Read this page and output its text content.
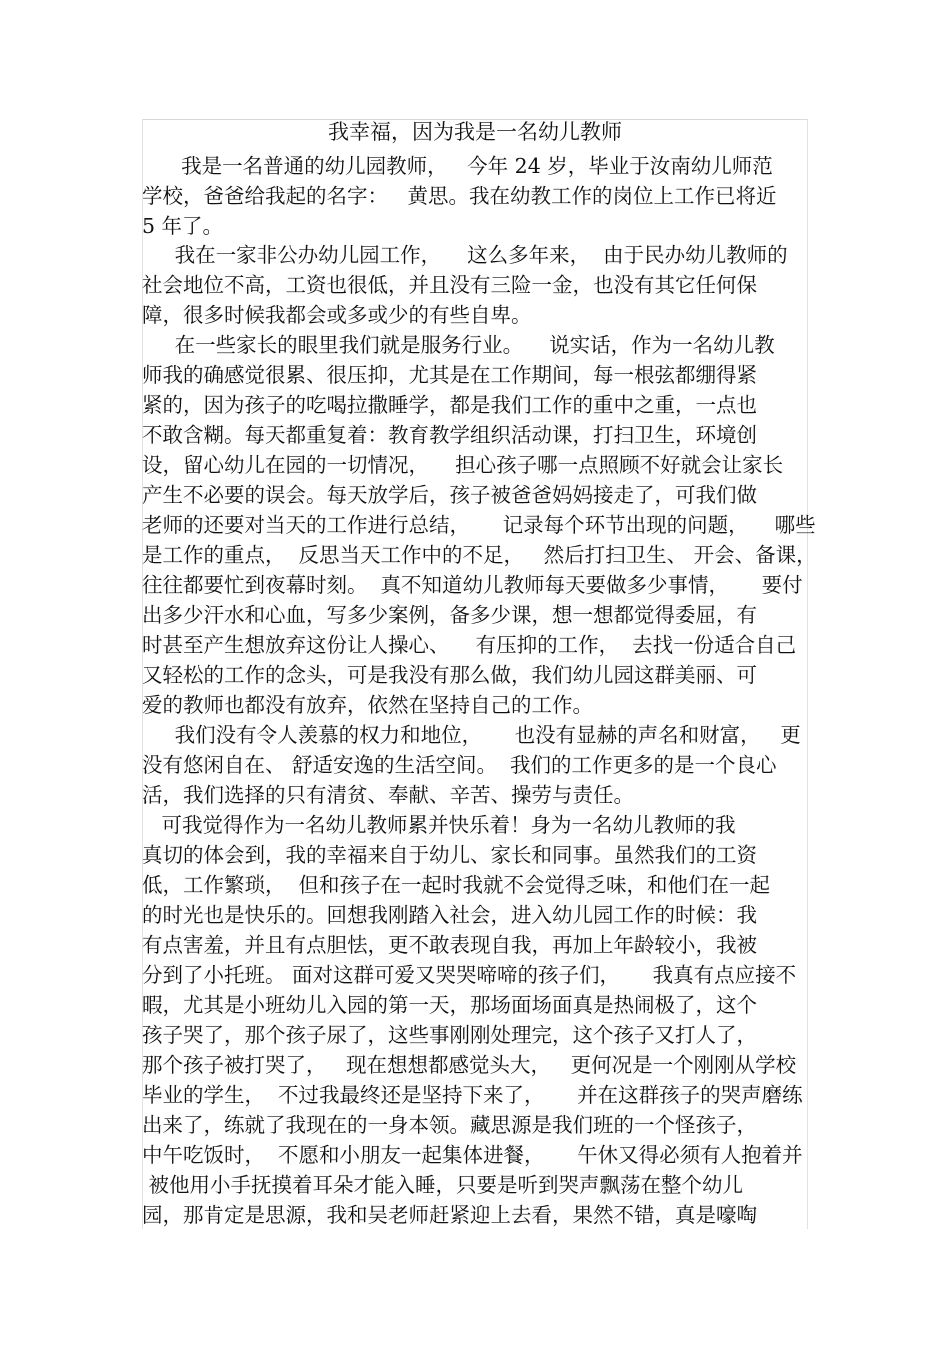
我幸福，因为我是一名幼儿教师
我是一名普通的幼儿园教师，   今年 24 岁，毕业于汝南幼儿师范
学校，爸爸给我起的名字：   黄思。我在幼教工作的岗位上工作已将近
5 年了。
我在一家非公办幼儿园工作，    这么多年来，  由于民办幼儿教师的
社会地位不高，工资也很低，并且没有三险一金，也没有其它任何保
障，很多时候我都会或多或少的有些自卑。
在一些家长的眼里我们就是服务行业。    说实话，作为一名幼儿教
师我的确感觉很累、很压抑，尤其是在工作期间，每一根弦都绷得紧
紧的，因为孩子的吃喝拉撒睡学，都是我们工作的重中之重，一点也
不敢含糊。每天都重复着：教育教学组织活动课，打扫卫生，环境创
设，留心幼儿在园的一切情况，    担心孩子哪一点照顾不好就会让家长
产生不必要的误会。每天放学后，孩子被爸爸妈妈接走了，可我们做
老师的还要对当天的工作进行总结，     记录每个环节出现的问题，    哪些
是工作的重点，  反思当天工作中的不足，   然后打扫卫生、 开会、备课，
往往都要忙到夜幕时刻。  真不知道幼儿教师每天要做多少事情，     要付
出多少汗水和心血，写多少案例，备多少课，想一想都觉得委屈，有
时甚至产生想放弃这份让人操心、    有压抑的工作，  去找一份适合自己
又轻松的工作的念头，可是我没有那么做，我们幼儿园这群美丽、可
爱的教师也都没有放弃，依然在坚持自己的工作。
我们没有令人羡慕的权力和地位，     也没有显赫的声名和财富，   更
没有悠闲自在、 舒适安逸的生活空间。  我们的工作更多的是一个良心
活，我们选择的只有清贫、奉献、辛苦、操劳与责任。
可我觉得作为一名幼儿教师累并快乐着！身为一名幼儿教师的我
真切的体会到，我的幸福来自于幼儿、家长和同事。虽然我们的工资
低，工作繁琐，  但和孩子在一起时我就不会觉得乏味，和他们在一起
的时光也是快乐的。回想我刚踏入社会，进入幼儿园工作的时候：我
有点害羞，并且有点胆怯，更不敢表现自我，再加上年龄较小，我被
分到了小托班。 面对这群可爱又哭哭啼啼的孩子们，     我真有点应接不
暇，尤其是小班幼儿入园的第一天，那场面场面真是热闹极了，这个
孩子哭了，那个孩子尿了，这些事刚刚处理完，这个孩子又打人了，
那个孩子被打哭了，   现在想想都感觉头大，   更何况是一个刚刚从学校
毕业的学生，  不过我最终还是坚持下来了，     并在这群孩子的哭声磨练
出来了，练就了我现在的一身本领。藏思源是我们班的一个怪孩子，
中午吃饭时，  不愿和小朋友一起集体进餐，     午休又得必须有人抱着并
被他用小手抚摸着耳朵才能入睡，只要是听到哭声飘荡在整个幼儿
园，那肯定是思源，我和吴老师赶紧迎上去看，果然不错，真是嚎啕
